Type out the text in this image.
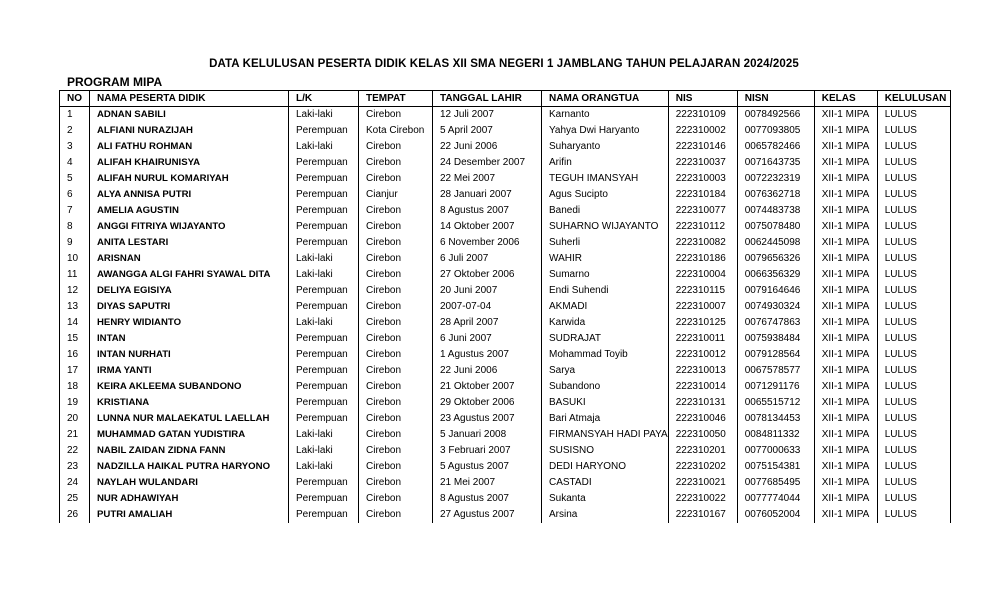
DATA KELULUSAN PESERTA DIDIK KELAS XII SMA NEGERI 1 JAMBLANG TAHUN PELAJARAN 2024/2025
PROGRAM MIPA
NO	NAMA PESERTA DIDIK	L/K	TEMPAT	TANGGAL LAHIR	NAMA ORANGTUA	NIS	NISN	KELAS	KELULUSAN
1	ADNAN SABILI	Laki-laki	Cirebon	12 Juli 2007	Karnanto	222310109	0078492566	XII-1 MIPA	LULUS
2	ALFIANI NURAZIJAH	Perempuan	Kota Cirebon	5 April 2007	Yahya Dwi Haryanto	222310002	0077093805	XII-1 MIPA	LULUS
3	ALI FATHU ROHMAN	Laki-laki	Cirebon	22 Juni 2006	Suharyanto	222310146	0065782466	XII-1 MIPA	LULUS
4	ALIFAH KHAIRUNISYA	Perempuan	Cirebon	24 Desember 2007	Arifin	222310037	0071643735	XII-1 MIPA	LULUS
5	ALIFAH NURUL KOMARIYAH	Perempuan	Cirebon	22 Mei 2007	TEGUH IMANSYAH	222310003	0072232319	XII-1 MIPA	LULUS
6	ALYA ANNISA PUTRI	Perempuan	Cianjur	28 Januari 2007	Agus Sucipto	222310184	0076362718	XII-1 MIPA	LULUS
7	AMELIA AGUSTIN	Perempuan	Cirebon	8 Agustus 2007	Banedi	222310077	0074483738	XII-1 MIPA	LULUS
8	ANGGI FITRIYA WIJAYANTO	Perempuan	Cirebon	14 Oktober 2007	SUHARNO WIJAYANTO	222310112	0075078480	XII-1 MIPA	LULUS
9	ANITA LESTARI	Perempuan	Cirebon	6 November 2006	Suherli	222310082	0062445098	XII-1 MIPA	LULUS
10	ARISNAN	Laki-laki	Cirebon	6 Juli 2007	WAHIR	222310186	0079656326	XII-1 MIPA	LULUS
11	AWANGGA ALGI FAHRI SYAWAL DITA	Laki-laki	Cirebon	27 Oktober 2006	Sumarno	222310004	0066356329	XII-1 MIPA	LULUS
12	DELIYA EGISIYA	Perempuan	Cirebon	20 Juni 2007	Endi Suhendi	222310115	0079164646	XII-1 MIPA	LULUS
13	DIYAS SAPUTRI	Perempuan	Cirebon	2007-07-04	AKMADI	222310007	0074930324	XII-1 MIPA	LULUS
14	HENRY WIDIANTO	Laki-laki	Cirebon	28 April 2007	Karwida	222310125	0076747863	XII-1 MIPA	LULUS
15	INTAN	Perempuan	Cirebon	6 Juni 2007	SUDRAJAT	222310011	0075938484	XII-1 MIPA	LULUS
16	INTAN NURHATI	Perempuan	Cirebon	1 Agustus 2007	Mohammad Toyib	222310012	0079128564	XII-1 MIPA	LULUS
17	IRMA YANTI	Perempuan	Cirebon	22 Juni 2006	Sarya	222310013	0067578577	XII-1 MIPA	LULUS
18	KEIRA AKLEEMA SUBANDONO	Perempuan	Cirebon	21 Oktober 2007	Subandono	222310014	0071291176	XII-1 MIPA	LULUS
19	KRISTIANA	Perempuan	Cirebon	29 Oktober 2006	BASUKI	222310131	0065515712	XII-1 MIPA	LULUS
20	LUNNA NUR MALAEKATUL LAELLAH	Perempuan	Cirebon	23 Agustus 2007	Bari Atmaja	222310046	0078134453	XII-1 MIPA	LULUS
21	MUHAMMAD GATAN YUDISTIRA	Laki-laki	Cirebon	5 Januari 2008	FIRMANSYAH HADI PAYA	222310050	0084811332	XII-1 MIPA	LULUS
22	NABIL ZAIDAN ZIDNA FANN	Laki-laki	Cirebon	3 Februari 2007	SUSISNO	222310201	0077000633	XII-1 MIPA	LULUS
23	NADZILLA HAIKAL PUTRA HARYONO	Laki-laki	Cirebon	5 Agustus 2007	DEDI HARYONO	222310202	0075154381	XII-1 MIPA	LULUS
24	NAYLAH WULANDARI	Perempuan	Cirebon	21 Mei 2007	CASTADI	222310021	0077685495	XII-1 MIPA	LULUS
25	NUR ADHAWIYAH	Perempuan	Cirebon	8 Agustus 2007	Sukanta	222310022	0077774044	XII-1 MIPA	LULUS
26	PUTRI AMALIAH	Perempuan	Cirebon	27 Agustus 2007	Arsina	222310167	0076052004	XII-1 MIPA	LULUS
